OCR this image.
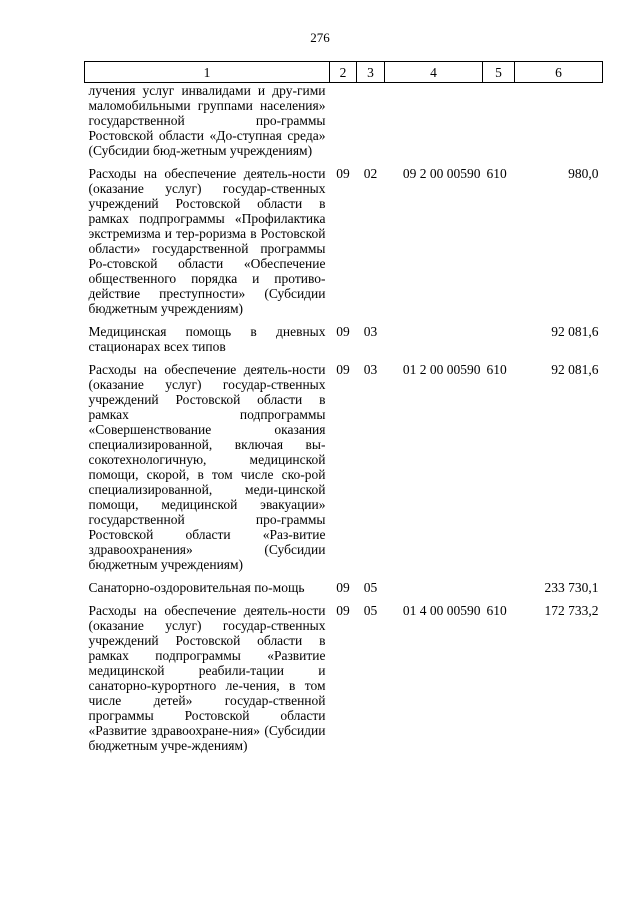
276
1	2	3	4	5	6
лучения услуг инвалидами и дру-гими маломобильными группами населения» государственной про-граммы Ростовской области «До-ступная среда» (Субсидии бюд-жетным учреждениям)					
Расходы на обеспечение деятель-ности (оказание услуг) государ-ственных учреждений Ростовской области в рамках подпрограммы «Профилактика экстремизма и тер-роризма в Ростовской области» государственной программы Ро-стовской области «Обеспечение общественного порядка и противо-действие преступности» (Субсидии бюджетным учреждениям)	09	02	09 2 00 00590	610	980,0
Медицинская помощь в дневных стационарах всех типов	09	03			92 081,6
Расходы на обеспечение деятель-ности (оказание услуг) государ-ственных учреждений Ростовской области в рамках подпрограммы «Совершенствование оказания специализированной, включая вы-сокотехнологичную, медицинской помощи, скорой, в том числе ско-рой специализированной, меди-цинской помощи, медицинской эвакуации» государственной про-граммы Ростовской области «Раз-витие здравоохранения» (Субсидии бюджетным учреждениям)	09	03	01 2 00 00590	610	92 081,6
Санаторно-оздоровительная по-мощь	09	05			233 730,1
Расходы на обеспечение деятель-ности (оказание услуг) государ-ственных учреждений Ростовской области в рамках подпрограммы «Развитие медицинской реабили-тации и санаторно-курортного ле-чения, в том числе детей» государ-ственной программы Ростовской области «Развитие здравоохране-ния» (Субсидии бюджетным учре-ждениям)	09	05	01 4 00 00590	610	172 733,2
